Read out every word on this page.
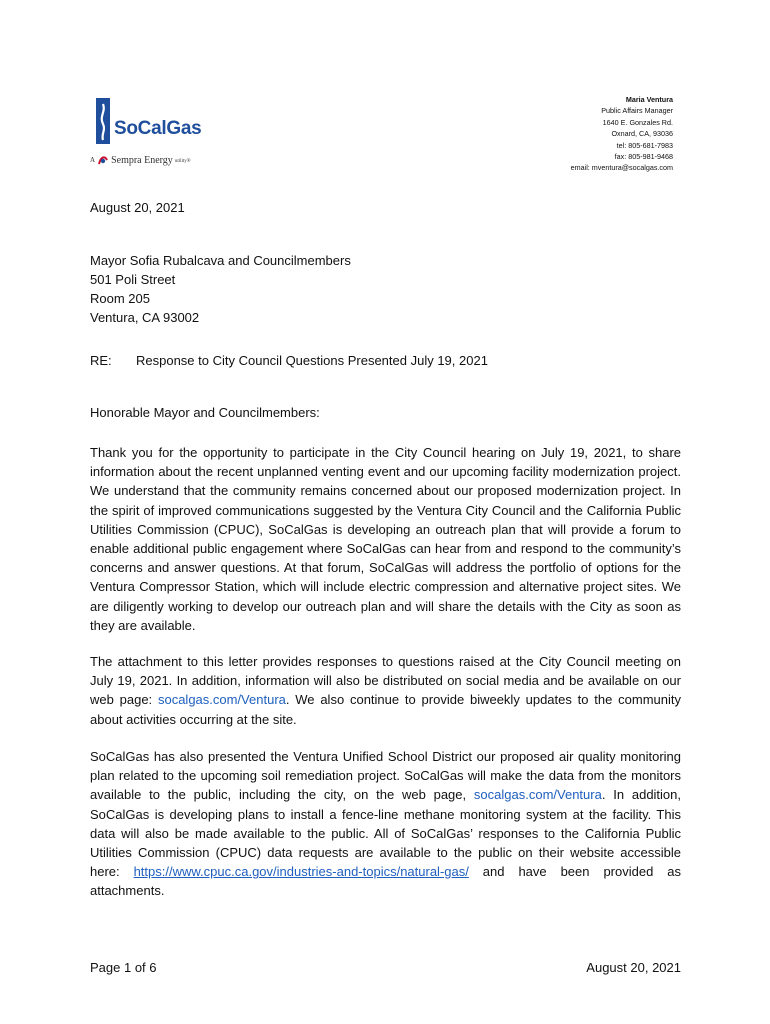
SoCalGas
A Sempra Energy utility®
Maria Ventura
Public Affairs Manager
1640 E. Gonzales Rd.
Oxnard, CA, 93036
tel: 805-681-7983
fax: 805-981-9468
email: mventura@socalgas.com
August 20, 2021
Mayor Sofia Rubalcava and Councilmembers
501 Poli Street
Room 205
Ventura, CA 93002
RE:	Response to City Council Questions Presented July 19, 2021
Honorable Mayor and Councilmembers:

Thank you for the opportunity to participate in the City Council hearing on July 19, 2021, to share information about the recent unplanned venting event and our upcoming facility modernization project. We understand that the community remains concerned about our proposed modernization project. In the spirit of improved communications suggested by the Ventura City Council and the California Public Utilities Commission (CPUC), SoCalGas is developing an outreach plan that will provide a forum to enable additional public engagement where SoCalGas can hear from and respond to the community’s concerns and answer questions. At that forum, SoCalGas will address the portfolio of options for the Ventura Compressor Station, which will include electric compression and alternative project sites. We are diligently working to develop our outreach plan and will share the details with the City as soon as they are available.

The attachment to this letter provides responses to questions raised at the City Council meeting on July 19, 2021. In addition, information will also be distributed on social media and be available on our web page: socalgas.com/Ventura. We also continue to provide biweekly updates to the community about activities occurring at the site.

SoCalGas has also presented the Ventura Unified School District our proposed air quality monitoring plan related to the upcoming soil remediation project. SoCalGas will make the data from the monitors available to the public, including the city, on the web page, socalgas.com/Ventura. In addition, SoCalGas is developing plans to install a fence-line methane monitoring system at the facility. This data will also be made available to the public. All of SoCalGas’ responses to the California Public Utilities Commission (CPUC) data requests are available to the public on their website accessible here: https://www.cpuc.ca.gov/industries-and-topics/natural-gas/ and have been provided as attachments.

Page 1 of 6	August 20, 2021
